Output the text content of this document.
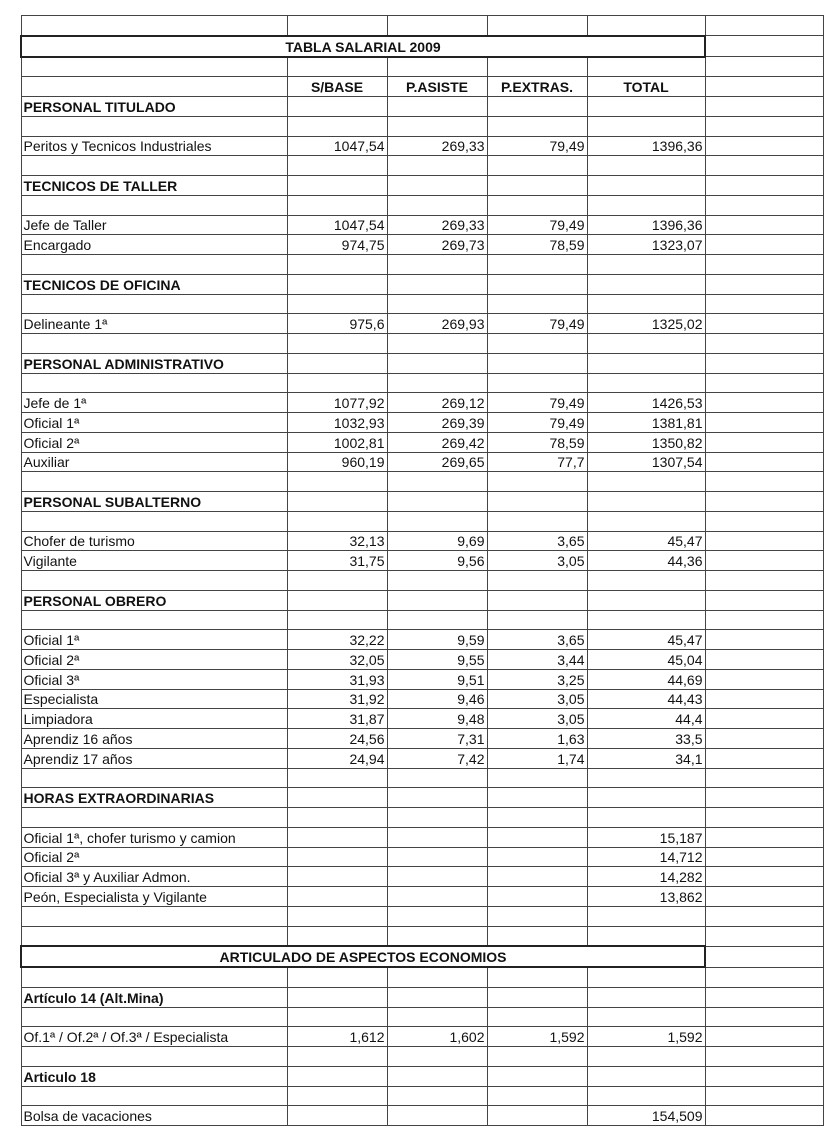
TABLA SALARIAL 2009					

	S/BASE	P.ASISTE	P.EXTRAS.	TOTAL	
PERSONAL TITULADO					

Peritos y Tecnicos Industriales	1047,54	269,33	79,49	1396,36	

TECNICOS DE TALLER					

Jefe de Taller	1047,54	269,33	79,49	1396,36	
Encargado	974,75	269,73	78,59	1323,07	

TECNICOS DE OFICINA					

Delineante 1ª	975,6	269,93	79,49	1325,02	

PERSONAL ADMINISTRATIVO					

Jefe de 1ª	1077,92	269,12	79,49	1426,53	
Oficial 1ª	1032,93	269,39	79,49	1381,81	
Oficial 2ª	1002,81	269,42	78,59	1350,82	
Auxiliar	960,19	269,65	77,7	1307,54	

PERSONAL SUBALTERNO					

Chofer de turismo	32,13	9,69	3,65	45,47	
Vigilante	31,75	9,56	3,05	44,36	

PERSONAL OBRERO					

Oficial 1ª	32,22	9,59	3,65	45,47	
Oficial 2ª	32,05	9,55	3,44	45,04	
Oficial 3ª	31,93	9,51	3,25	44,69	
Especialista	31,92	9,46	3,05	44,43	
Limpiadora	31,87	9,48	3,05	44,4	
Aprendiz 16 años	24,56	7,31	1,63	33,5	
Aprendiz 17 años	24,94	7,42	1,74	34,1	

HORAS EXTRAORDINARIAS					

Oficial 1ª, chofer turismo y camion				15,187	
Oficial 2ª				14,712	
Oficial 3ª y Auxiliar Admon.				14,282	
Peón, Especialista y Vigilante				13,862	

ARTICULADO DE ASPECTOS ECONOMIOS					

Artículo 14 (Alt.Mina)					

Of.1ª / Of.2ª / Of.3ª / Especialista	1,612	1,602	1,592	1,592	

Articulo 18					

Bolsa de vacaciones				154,509	
